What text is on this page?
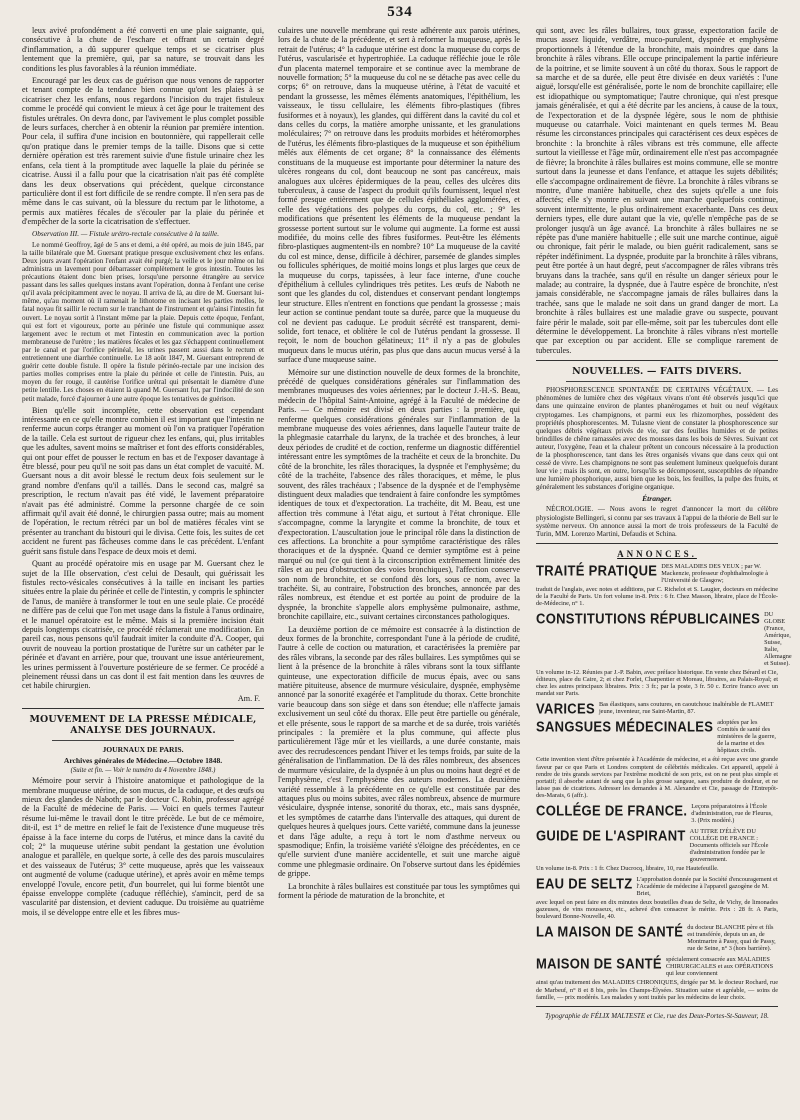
534

leux avivé profondément a été converti en une plaie saignante, qui, consécutive à la chute de l'eschare et offrant un certain degré d'inflammation, a dû suppurer quelque temps et se cicatriser plus lentement que la première, qui, par sa nature, se trouvait dans les conditions les plus favorables à la réunion immédiate.

Encouragé par les deux cas de guérison que nous venons de rapporter et tenant compte de la tendance bien connue qu'ont les plaies à se cicatriser chez les enfans, nous regardons l'incision du trajet fistuleux comme le procédé qui convient le mieux à cet âge pour le traitement des fistules urétrales. On devra donc, par l'avivement le plus complet possible de leurs surfaces, chercher à en obtenir la réunion par première intention. Pour cela, il suffira d'une incision en boutonnière, qui rappellerait celle qu'on pratique dans le premier temps de la taille. Disons que si cette dernière opération est très rarement suivie d'une fistule urinaire chez les enfans, cela tient à la promptitude avec laquelle la plaie du périnée se cicatrise. Aussi il a fallu pour que la cicatrisation n'ait pas été complète dans les deux observations qui précèdent, quelque circonstance particulière dont il est fort difficile de se rendre compte. Il n'en sera pas de même dans le cas suivant, où la blessure du rectum par le lithotome, a permis aux matières fécales de s'écouler par la plaie du périnée et d'empêcher de la sorte la cicatrisation de s'effectuer.

Observation III. — Fistule urétro-rectale consécutive à la taille.

Le nommé Geoffroy, âgé de 5 ans et demi, a été opéré, au mois de juin 1845, par la taille bilatérale que M. Guersant pratique presque exclusivement chez les enfans. Deux jours avant l'opération l'enfant avait été purgé; la veille et le jour même on lui administra un lavement pour débarrasser complètement le gros intestin. Toutes les précautions étaient donc bien prises, lorsqu'une personne étrangère au service passant dans les salles quelques instans avant l'opération, donna à l'enfant une cerise qu'il avala précipitamment avec le noyau. Il arriva de là, au dire de M. Guersant lui-même, qu'au moment où il ramenait le lithotome en incisant les parties molles, le fatal noyau fit saillir le rectum sur le tranchant de l'instrument et qu'ainsi l'intestin fut ouvert. Le noyau sortit à l'instant même par la plaie. Depuis cette époque, l'enfant, qui est fort et vigoureux, porte au périnée une fistule qui communique assez largement avec le rectum et met l'intestin en communication avec la portion membraneuse de l'urètre ; les matières fécales et les gaz s'échappent continuellement par le canal et par l'orifice périnéal, les urines passent aussi dans le rectum et entretiennent une diarrhée continuelle. Le 18 août 1847, M. Guersant entreprend de guérir cette double fistule. Il opère la fistule périnéo-rectale par une incision des parties molles comprises entre la plaie du périnée et celle de l'intestin. Puis, au moyen du fer rouge, il cautérise l'orifice urétral qui présentait le diamètre d'une petite lentille. Les choses en étaient là quand M. Guersant fut, par l'indocilité de son petit malade, forcé d'ajourner à une autre époque les tentatives de guérison.

Bien qu'elle soit incomplète, cette observation est cependant intéressante en ce qu'elle montre combien il est important que l'intestin ne renferme aucun corps étranger au moment où l'on va pratiquer l'opération de la taille. Cela est surtout de rigueur chez les enfans, qui, plus irritables que les adultes, savent moins se maîtriser et font des efforts considérables, qui ont pour effet de pousser le rectum en bas et de l'exposer davantage à être blessé, pour peu qu'il ne soit pas dans un état complet de vacuité. M. Guersant nous a dit avoir blessé le rectum deux fois seulement sur le grand nombre d'enfans qu'il a taillés. Dans le second cas, malgré sa prescription, le rectum n'avait pas été vidé, le lavement préparatoire n'avait pas été administré. Comme la personne chargée de ce soin affirmait qu'il avait été donné, le chirurgien passa outre; mais au moment de l'opération, le rectum rétréci par un bol de matières fécales vint se présenter au tranchant du bistouri qui le divisa. Cette fois, les suites de cet accident ne furent pas fâcheuses comme dans le cas précédent. L'enfant guérit sans fistule dans l'espace de deux mois et demi.

Quant au procédé opératoire mis en usage par M. Guersant chez le sujet de la IIIe observation, c'est celui de Desault, qui guérissait les fistules recto-vésicales consécutives à la taille en incisant les parties situées entre la plaie du périnée et celle de l'intestin, y compris le sphincter de l'anus, de manière à transformer le tout en une seule plaie. Ce procédé ne diffère pas de celui que l'on met usage dans la fistule à l'anus ordinaire, et le manuel opératoire est le même. Mais si la première incision était depuis longtemps cicatrisée, ce procédé réclamerait une modification. En pareil cas, nous pensons qu'il faudrait imiter la conduite d'A. Cooper, qui ouvrit de nouveau la portion prostatique de l'urètre sur un cathéter par le périnée et d'avant en arrière, pour que, trouvant une issue antérieurement, les urines permissent à l'ouverture postérieure de se fermer. Ce procédé a pleinement réussi dans un cas dont il est fait mention dans les œuvres de cet habile chirurgien.

Am. F.

MOUVEMENT DE LA PRESSE MÉDICALE, ANALYSE DES JOURNAUX.
JOURNAUX DE PARIS.
Archives générales de Médecine.—Octobre 1848.
(Suite et fin. — Voir le numéro du 4 Novembre 1848.)

Mémoire pour servir à l'histoire anatomique et pathologique de la membrane muqueuse utérine, de son mucus, de la caduque, et des œufs ou mieux des glandes de Naboth; par le docteur C. Robin, professeur agrégé de la Faculté de médecine de Paris. — Voici en quels termes l'auteur résume lui-même le travail dont le titre précède. Le but de ce mémoire, dit-il, est 1° de mettre en relief le fait de l'existence d'une muqueuse très épaisse à la face interne du corps de l'utérus, et mince dans la cavité du col; 2° la muqueuse utérine subit pendant la gestation une évolution analogue et parallèle, en quelque sorte, à celle des des parois musculaires et des vaisseaux de l'utérus; 3° cette muqueuse, après que les vaisseaux ont augmenté de volume (caduque utérine), et après avoir en même temps enveloppé l'ovule, encore petit, d'un bourrelet, qui lui forme bientôt une épaisse enveloppe complète (caduque réfléchie), s'amincit, perd de sa vascularité par distension, et devient caduque. Du troisième au quatrième mois, il se développe entre elle et les fibres mus-

culaires une nouvelle membrane qui reste adhérente aux parois utérines, lors de la chute de la précédente, et sert à reformer la muqueuse, après le retrait de l'utérus; 4° la caduque utérine est donc la muqueuse du corps de l'utérus, vascularisée et hypertrophiée. La caduque réfléchie joue le rôle d'un placenta maternel temporaire et se continue avec la membrane de nouvelle formation; 5° la muqueuse du col ne se détache pas avec celle du corps; 6° on retrouve, dans la muqueuse utérine, à l'état de vacuité et pendant la grossesse, les mêmes éléments anatomiques, l'épithélium, les vaisseaux, le tissu cellulaire, les éléments fibro-plastiques (fibres fusiformes et à noyaux), les glandes, qui diffèrent dans la cavité du col et dans celles du corps, la matière amorphe unissante, et les granulations moléculaires; 7° on retrouve dans les produits morbides et hétéromorphes de l'utérus, les éléments fibro-plastiques de la muqueuse et son épithélium mêlés aux éléments de cet organe; 8° la connaissance des éléments constituans de la muqueuse est importante pour déterminer la nature des ulcères rongeans du col, dont beaucoup ne sont pas cancéreux, mais analogues aux ulcères épidermiques de la peau, celles des ulcères dits tuberculeux, à cause de l'aspect du produit qu'ils fournissent, lequel n'est formé presque entièrement que de cellules épithéliales agglomérées, et celle des végétations des polypes du corps, du col, etc. ; 9° les modifications que présentent les éléments de la muqueuse pendant la grossesse portent surtout sur le volume qui augmente. La forme est aussi modifiée, du moins celle des fibres fusiformes. Peut-être les éléments fibro-plastiques augmentent-ils en nombre? 10° La muqueuse de la cavité du col est mince, dense, difficile à déchirer, parsemée de glandes simples ou follicules sphériques, de moitié moins longs et plus larges que ceux de la muqueuse du corps, tapissées, à leur face interne, d'une couche d'épithélium à cellules cylindriques très petites. Les œufs de Naboth ne sont que les glandes du col, distendues et conservant pendant longtemps leur structure. Elles n'entrent en fonctions que pendant la grossesse ; mais leur action se continue pendant toute sa durée, parce que la muqueuse du col ne devient pas caduque. Le produit sécrété est transparent, demi-solide, fort tenace, et oblitère le col de l'utérus pendant la grossesse. Il reçoit, le nom de bouchon gélatineux; 11° il n'y a pas de globules muqueux dans le mucus utérin, pas plus que dans aucun mucus versé à la surface d'une muqueuse saine.

Mémoire sur une distinction nouvelle de deux formes de la bronchite, précédé de quelques considérations générales sur l'inflammation des membranes muqueuses des voies aériennes; par le docteur J.-H.-S. Beau, médecin de l'hôpital Saint-Antoine, agrégé à la Faculté de médecine de Paris. — Ce mémoire est divisé en deux parties : la première, qui renferme quelques considérations générales sur l'inflammation de la membrane muqueuse des voies aériennes, dans laquelle l'auteur traite de la phlegmasie catarrhale du larynx, de la trachée et des bronches, à leur deux périodes de crudité et de coction, renferme un diagnostic différentiel intéressant entre les symptômes de la trachéite et ceux de la bronchite. Du côté de la bronchite, les râles thoraciques, la dyspnée et l'emphysème; du côté de la trachéite, l'absence des râles thoraciques, et même, le plus souvent, des râles trachéaux ; l'absence de la dyspnée et de l'emphysème distinguent deux maladies que tendraient à faire confondre les symptômes identiques de toux et d'expectoration. La trachéite, dit M. Beau, est une affection très commune à l'état aigu, et surtout à l'état chronique. Elle s'accompagne, comme la laryngite et comme la bronchite, de toux et d'expectoration. L'auscultation joue le principal rôle dans la distinction de ces affections. La bronchite a pour symptôme caractéristique des râles thoraciques et de la dyspnée. Quand ce dernier symptôme est à peine marqué ou nul (ce qui tient à la circonscription extrêmement limitée des râles et au peu d'obstruction des voies bronchiques), l'affection conserve son nom de bronchite, et se confond dès lors, sous ce nom, avec la trachéite. Si, au contraire, l'obstruction des bronches, annoncée par des râles nombreux, est étendue et est portée au point de produire de la dyspnée, la bronchite s'appelle alors emphysème pulmonaire, asthme, bronchite capillaire, etc., suivant certaines circonstances pathologiques.

La deuxième portion de ce mémoire est consacrée à la distinction de deux formes de la bronchite, correspondant l'une à la période de crudité, l'autre à celle de coction ou maturation, et caractérisées la première par des râles vibrans, la seconde par des râles bullaires. Les symptômes qui se lient à la présence de la bronchite à râles vibrans sont la toux sifflante quinteuse, une expectoration difficile de mucus épais, avec ou sans matière pituiteuse, absence de murmure vésiculaire, dyspnée, emphysème annoncé par la sonorité exagérée et l'amplitude du thorax. Cette bronchite varie beaucoup dans son siège et dans son étendue; elle n'affecte jamais exclusivement un seul côté du thorax. Elle peut être partielle ou générale, et elle présente, sous le rapport de sa marche et de sa durée, trois variétés principales : la première et la plus commune, qui affecte plus particulièrement l'âge mûr et les vieillards, a une durée constante, mais avec des recrudescences pendant l'hiver et les temps froids, par suite de la généralisation de l'inflammation. De là des râles nombreux, des absences de murmure vésiculaire, de la dyspnée à un plus ou moins haut degré et de l'emphysème, c'est l'emphysème des auteurs modernes. La deuxième variété ressemble à la précédente en ce qu'elle est constituée par des attaques plus ou moins subites, avec râles nombreux, absence de murmure vésiculaire, dyspnée intense, sonorité du thorax, etc., mais sans dyspnée, et les symptômes de catarrhe dans l'intervalle des attaques, qui durent de quelques heures à quelques jours. Cette variété, commune dans la jeunesse et dans l'âge adulte, a reçu à tort le nom d'asthme nerveux ou spasmodique; Enfin, la troisième variété s'éloigne des précédentes, en ce qu'elle survient d'une manière accidentelle, et suit une marche aiguë comme une phlegmasie ordinaire. On l'observe surtout dans les épidémies de grippe.

La bronchite à râles bullaires est constituée par tous les symptômes qui forment la période de maturation de la bronchite, et

qui sont, avec les râles bullaires, toux grasse, expectoration facile de mucus assez liquide, verdâtre, muco-purulent, dyspnée et emphysème proportionnels à l'étendue de la bronchite, mais moindres que dans la bronchite à râles vibrans. Elle occupe principalement la partie inférieure de la poitrine, et se limite souvent à un côté du thorax. Sous le rapport de sa marche et de sa durée, elle peut être divisée en deux variétés : l'une aiguë, lorsqu'elle est généralisée, porte le nom de bronchite capillaire; elle est idiopathique ou symptomatique; l'autre chronique, qui n'est presque jamais généralisée, et qui a été décrite par les anciens, à cause de la toux, de l'expectoration et de la dyspnée légère, sous le nom de phthisie muqueuse ou catarrhale. Voici maintenant en quels termes M. Beau résume les circonstances principales qui caractérisent ces deux espèces de bronchite : la bronchite à râles vibrans est très commune, elle affecte surtout la vieillesse et l'âge mûr, ordinairement elle n'est pas accompagnée de fièvre; la bronchite à râles bullaires est moins commune, elle se montre surtout dans la jeunesse et dans l'enfance, et attaque les sujets débilités; elle s'accompagne ordinairement de fièvre. La bronchite à râles vibrans se montre, d'une manière habituelle, chez des sujets qu'elle a une fois affectés; elle s'y montre en suivant une marche quelquefois continue, souvent intermittente, le plus ordinairement exacerbante. Dans ces deux derniers types, elle dure autant que la vie, qu'elle n'empêche pas de se prolonger jusqu'à un âge avancé. La bronchite à râles bullaires ne se répète pas d'une manière habituelle ; elle suit une marche continue, aiguë ou chronique, fait périr le malade, ou bien guérit radicalement, sans se répéter indéfiniment. La dyspnée, produite par la bronchite à râles vibrans, peut être portée à un haut degré, peut s'accompagner de râles vibrans très bruyans dans la trachée, sans qu'il en résulte un danger sérieux pour le malade; au contraire, la dyspnée, due à l'autre espèce de bronchite, n'est jamais considérable, ne s'accompagne jamais de râles bullaires dans la trachée, sans que le malade ne soit dans un grand danger de mort. La bronchite à râles bullaires est une maladie grave ou suspecte, pouvant faire périr le malade, soit par elle-même, soit par les tubercules dont elle détermine le développement. La bronchite à râles vibrans n'est mortelle que par exception ou par accident. Elle se complique rarement de tubercules.

NOUVELLES. — FAITS DIVERS.

PHOSPHORESCENCE SPONTANÉE DE CERTAINS VÉGÉTAUX. — Les phénomènes de lumière chez des végétaux vivans n'ont été observés jusqu'ici que dans une quinzaine environ de plantes phanérogames et huit ou neuf végétaux cryptogames. Les champignons, et parmi eux les rhizomorphes, possèdent des propriétés phosphorescentes. M. Tulasne vient de constater la phosphorescence sur quelques débris végétaux privés de vie, sur des feuilles humides et de petites brindilles de chêne ramassées avec des mousses dans les bois de Sèvres. Suivant cet auteur, l'oxygène, l'eau et la chaleur prêtent un concours nécessaire à la production de la phosphorescence, tant dans les êtres organisés vivans que dans ceux qui ont cessé de vivre. Les champignons ne sont pas seulement lumineux quelquefois durant leur vie ; mais ils sont, en outre, lorsqu'ils se décomposent, susceptibles de répandre une lumière phosphorique, aussi bien que les bois, les feuilles, la pulpe des fruits, et généralement les substances d'origine organique.

Étranger.

NÉCROLOGIE. — Nous avons le regret d'annoncer la mort du célèbre physiologiste Bellingeri, si connu par ses travaux à l'appui de la théorie de Bell sur le système nerveux. On annonce aussi la mort de trois professeurs de la Faculté de Turin, MM. Lorenzo Martini, Defaudis et Schina.

ANNONCES.
TRAITÉ PRATIQUE DES MALADIES DES YEUX ; par W. Mackenzie, professeur d'ophthalmologie à l'Université de Glasgow;
traduit de l'anglais, avec notes et additions, par C. Richelot et S. Laugier, docteurs en médecine de la Faculté de Paris. Un fort volume in-8. Prix : 6 fr. Chez Masson, libraire, place de l'École-de-Médecine, n° 1.
CONSTITUTIONS RÉPUBLICAINES DU GLOBE (France, Amérique, Suisse, Italie, Allemagne et Suisse).
Un volume in-12. Réunies par J.-P. Babin, avec préface historique. En vente chez Bérard et Cie, éditeurs, place du Caire, 2; et chez Forlet, Charpentier et Moreau, libraires, au Palais-Royal; et chez les autres principaux libraires. Prix : 3 fr.; par la poste, 3 fr. 50 c. Ecrire franco avec un mandat sur Paris.
VARICES Bas élastiques, sans coutures, en caoutchouc inaltérable de FLAMET jeune, inventeur, rue Saint-Martin, 87.
SANGSUES MÉDECINALES adoptées par les Comités de santé des ministères de la guerre, de la marine et des hôpitaux civils.
Cette invention vient d'être présentée à l'Académie de médecine, et a été reçue avec une grande faveur par ce que Paris et Londres comptent de célébrités médicales. Cet appareil, appelé à rendre de très grands services par l'extrême modicité de son prix, est on ne peut plus simple et portatif; il absorbe autant de sang que la plus grosse sangsue, sans produire de douleur, et ne laisse pas de cicatrices. Adresser les demandes à M. Alexandre et Cie, passage de l'Entrepôt-des-Marais, 6 (affr.).
COLLÉGE DE FRANCE. Leçons préparatoires à l'École d'administration, rue de Fleurus, 3. (Prix modéré.)
GUIDE DE L'ASPIRANT AU TITRE D'ÉLÈVE DU COLLÉGE DE FRANCE : Documents officiels sur l'École d'administration fondée par le gouvernement.
Un volume in-8. Prix : 1 fr. Chez Ducrocq, libraire, 10, rue Hautefeuille.
EAU DE SELTZ L'approbation donnée par la Société d'encouragement et l'Académie de médecine à l'appareil gazogène de M. Briet,
avec lequel on peut faire en dix minutes deux bouteilles d'eau de Seltz, de Vichy, de limonades gazeuses, de vins mousseux, etc., achevé d'en consacrer le mérite. Prix : 28 fr. A Paris, boulevard Bonne-Nouvelle, 40.
LA MAISON DE SANTÉ du docteur BLANCHE père et fils est transférée, depuis un an, de Montmartre à Passy, quai de Passy, rue de Seine, n° 3 (hors barrière).
MAISON DE SANTÉ spécialement consacrée aux MALADIES CHIRURGICALES et aux OPÉRATIONS qui leur conviennent
ainsi qu'au traitement des MALADIES CHRONIQUES, dirigée par M. le docteur Rochard, rue de Marbeuf, n° 8 et 8 bis, près les Champs-Élysées. Situation saine et agréable, — soins de famille, — prix modérés. Les malades y sont traités par les médecins de leur choix.
Typographie de FÉLIX MALTESTE et Cie, rue des Deux-Portes-St-Sauveur, 18.
